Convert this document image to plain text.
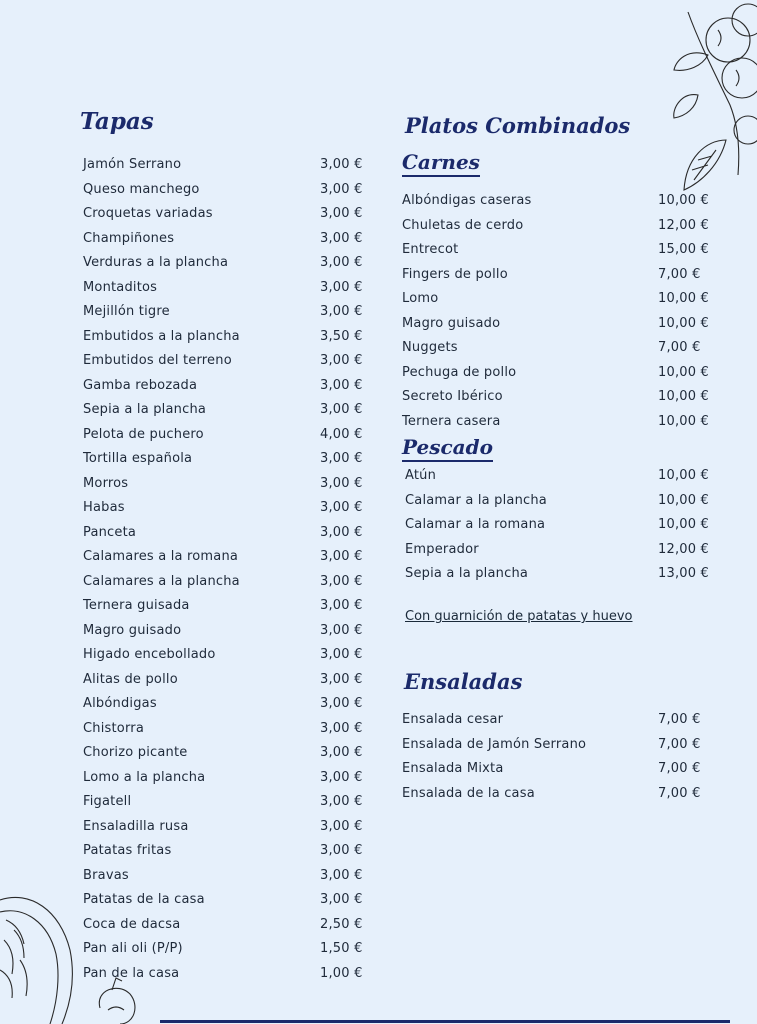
Tapas
Jamón Serrano	3,00 €
Queso manchego	3,00 €
Croquetas variadas	3,00 €
Champiñones	3,00 €
Verduras a la plancha	3,00 €
Montaditos	3,00 €
Mejillón tigre	3,00 €
Embutidos a la plancha	3,50 €
Embutidos del terreno	3,00 €
Gamba rebozada	3,00 €
Sepia a la plancha	3,00 €
Pelota de puchero	4,00 €
Tortilla española	3,00 €
Morros	3,00 €
Habas	3,00 €
Panceta	3,00 €
Calamares a la romana	3,00 €
Calamares a la plancha	3,00 €
Ternera guisada	3,00 €
Magro guisado	3,00 €
Higado encebollado	3,00 €
Alitas de pollo	3,00 €
Albóndigas	3,00 €
Chistorra	3,00 €
Chorizo picante	3,00 €
Lomo a la plancha	3,00 €
Figatell	3,00 €
Ensaladilla rusa	3,00 €
Patatas fritas	3,00 €
Bravas	3,00 €
Patatas de la casa	3,00 €
Coca de dacsa	2,50 €
Pan ali oli (P/P)	1,50 €
Pan de la casa	1,00 €
Platos Combinados
Carnes
Albóndigas caseras	10,00 €
Chuletas de cerdo	12,00 €
Entrecot	15,00 €
Fingers de pollo	7,00 €
Lomo	10,00 €
Magro guisado	10,00 €
Nuggets	7,00 €
Pechuga de pollo	10,00 €
Secreto Ibérico	10,00 €
Ternera casera	10,00 €
Pescado
Atún	10,00 €
Calamar a la plancha	10,00 €
Calamar a la romana	10,00 €
Emperador	12,00 €
Sepia a la plancha	13,00 €
Con guarnición de patatas y huevo
Ensaladas
Ensalada cesar	7,00 €
Ensalada de Jamón Serrano	7,00 €
Ensalada Mixta	7,00 €
Ensalada de la casa	7,00 €
